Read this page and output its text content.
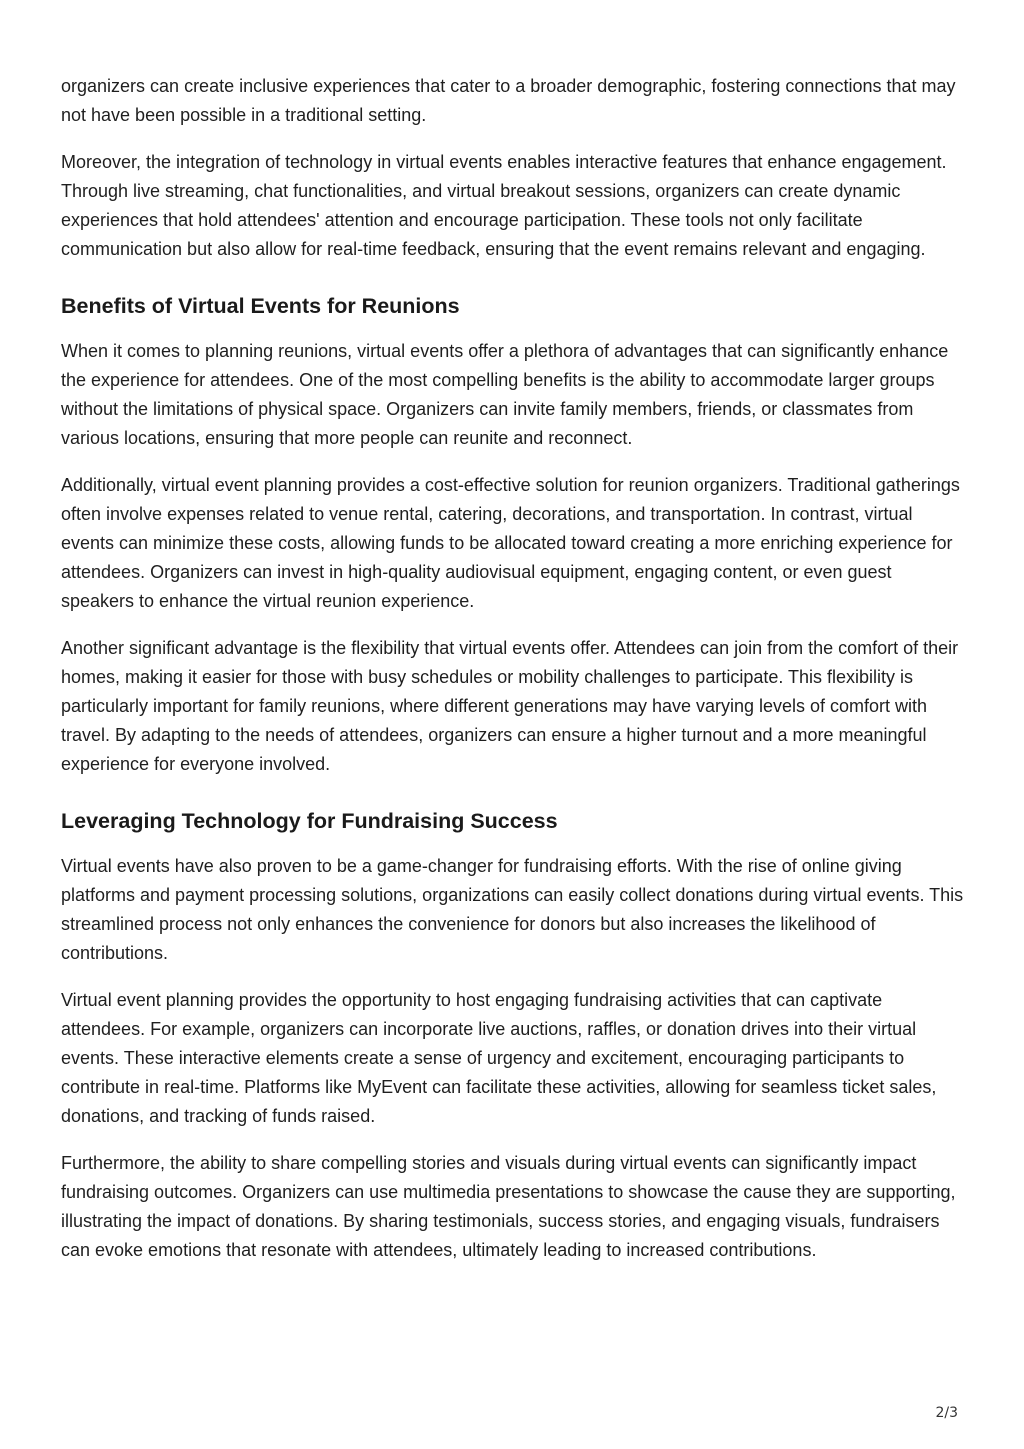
organizers can create inclusive experiences that cater to a broader demographic, fostering connections that may not have been possible in a traditional setting.

Moreover, the integration of technology in virtual events enables interactive features that enhance engagement. Through live streaming, chat functionalities, and virtual breakout sessions, organizers can create dynamic experiences that hold attendees' attention and encourage participation. These tools not only facilitate communication but also allow for real-time feedback, ensuring that the event remains relevant and engaging.

Benefits of Virtual Events for Reunions

When it comes to planning reunions, virtual events offer a plethora of advantages that can significantly enhance the experience for attendees. One of the most compelling benefits is the ability to accommodate larger groups without the limitations of physical space. Organizers can invite family members, friends, or classmates from various locations, ensuring that more people can reunite and reconnect.

Additionally, virtual event planning provides a cost-effective solution for reunion organizers. Traditional gatherings often involve expenses related to venue rental, catering, decorations, and transportation. In contrast, virtual events can minimize these costs, allowing funds to be allocated toward creating a more enriching experience for attendees. Organizers can invest in high-quality audiovisual equipment, engaging content, or even guest speakers to enhance the virtual reunion experience.

Another significant advantage is the flexibility that virtual events offer. Attendees can join from the comfort of their homes, making it easier for those with busy schedules or mobility challenges to participate. This flexibility is particularly important for family reunions, where different generations may have varying levels of comfort with travel. By adapting to the needs of attendees, organizers can ensure a higher turnout and a more meaningful experience for everyone involved.

Leveraging Technology for Fundraising Success

Virtual events have also proven to be a game-changer for fundraising efforts. With the rise of online giving platforms and payment processing solutions, organizations can easily collect donations during virtual events. This streamlined process not only enhances the convenience for donors but also increases the likelihood of contributions.

Virtual event planning provides the opportunity to host engaging fundraising activities that can captivate attendees. For example, organizers can incorporate live auctions, raffles, or donation drives into their virtual events. These interactive elements create a sense of urgency and excitement, encouraging participants to contribute in real-time. Platforms like MyEvent can facilitate these activities, allowing for seamless ticket sales, donations, and tracking of funds raised.

Furthermore, the ability to share compelling stories and visuals during virtual events can significantly impact fundraising outcomes. Organizers can use multimedia presentations to showcase the cause they are supporting, illustrating the impact of donations. By sharing testimonials, success stories, and engaging visuals, fundraisers can evoke emotions that resonate with attendees, ultimately leading to increased contributions.

2/3
